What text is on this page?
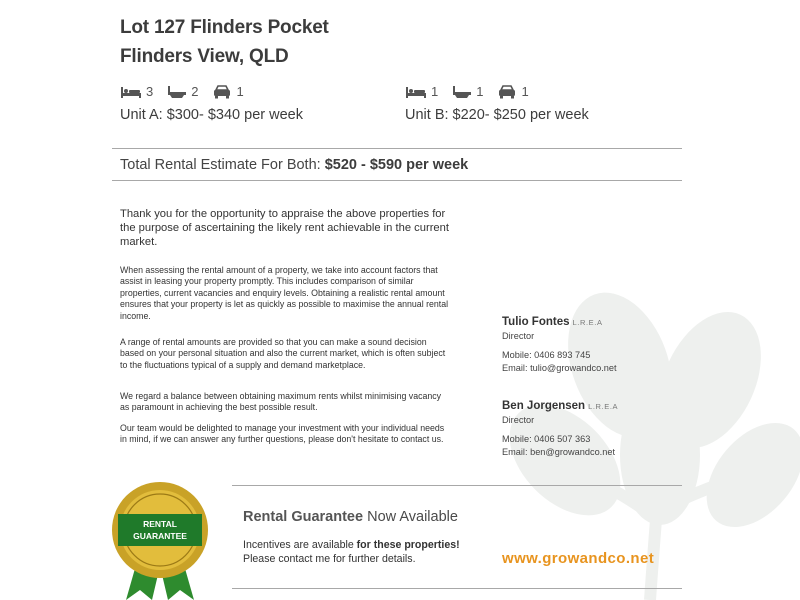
Lot 127 Flinders Pocket
Flinders View, QLD
3	2	1
Unit A: $300- $340 per week
1	1	1
Unit B: $220- $250 per week
Total Rental Estimate For Both: $520 - $590 per week
Thank you for the opportunity to appraise the above properties for the purpose of ascertaining the likely rent achievable in the current market.
When assessing the rental amount of a property, we take into account factors that assist in leasing your property promptly. This includes comparison of similar properties, current vacancies and enquiry levels. Obtaining a realistic rental amount ensures that your property is let as quickly as possible to maximise the annual rental income.
A range of rental amounts are provided so that you can make a sound decision based on your personal situation and also the current market, which is often subject to the fluctuations typical of a supply and demand marketplace.
We regard a balance between obtaining maximum rents whilst minimising vacancy as paramount in achieving the best possible result.
Our team would be delighted to manage your investment with your individual needs in mind, if we can answer any further questions, please don't hesitate to contact us.
Tulio Fontes L.R.E.A
Director
Mobile: 0406 893 745
Email: tulio@growandco.net
Ben Jorgensen L.R.E.A
Director
Mobile: 0406 507 363
Email: ben@growandco.net
RENTAL
GUARANTEE
Rental Guarantee Now Available
Incentives are available for these properties!
Please contact me for further details.	www.growandco.net
